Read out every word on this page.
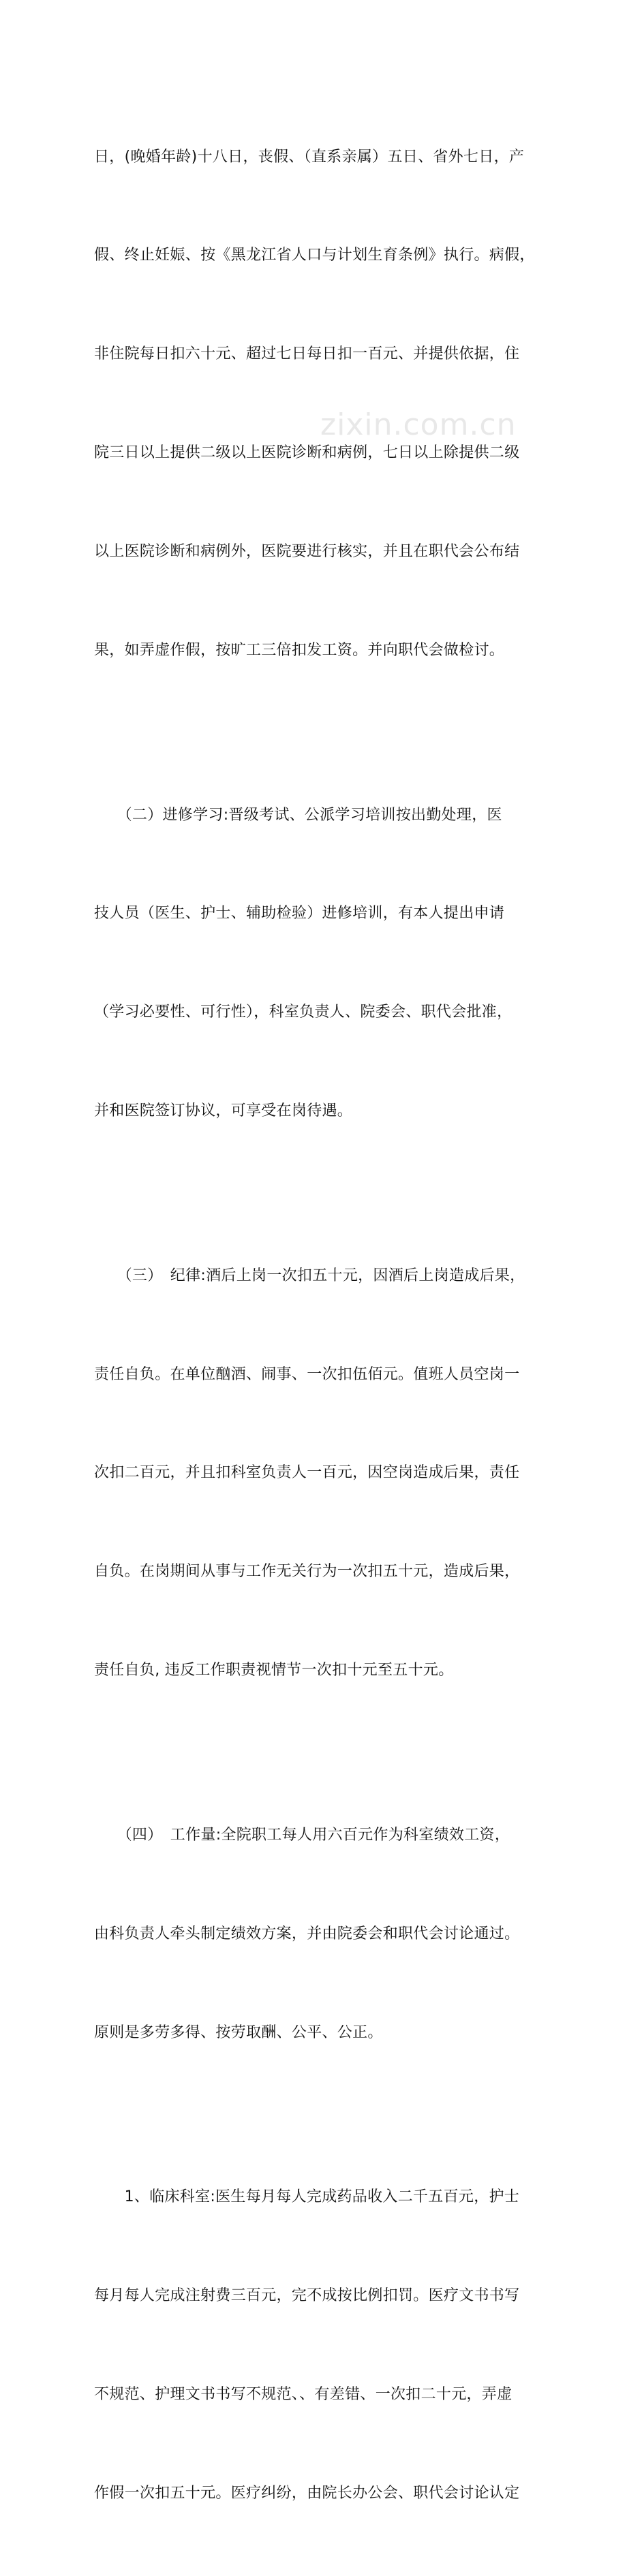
zixin.com.cn

日，(晚婚年龄)十八日，丧假、（直系亲属）五日、省外七日，产

假、终止妊娠、按《黑龙江省人口与计划生育条例》执行。病假，

非住院每日扣六十元、超过七日每日扣一百元、并提供依据，住

院三日以上提供二级以上医院诊断和病例，七日以上除提供二级

以上医院诊断和病例外，医院要进行核实，并且在职代会公布结

果，如弄虚作假，按旷工三倍扣发工资。并向职代会做检讨。

　　（二）进修学习:晋级考试、公派学习培训按出勤处理，医

技人员（医生、护士、辅助检验）进修培训，有本人提出申请

（学习必要性、可行性），科室负责人、院委会、职代会批准，

并和医院签订协议，可享受在岗待遇。

　　（三）　纪律:酒后上岗一次扣五十元，因酒后上岗造成后果，

责任自负。在单位酗酒、闹事、一次扣伍佰元。值班人员空岗一

次扣二百元，并且扣科室负责人一百元，因空岗造成后果，责任

自负。在岗期间从事与工作无关行为一次扣五十元，造成后果，

责任自负, 违反工作职责视情节一次扣十元至五十元。

　　（四）　工作量:全院职工每人用六百元作为科室绩效工资，

由科负责人牵头制定绩效方案，并由院委会和职代会讨论通过。

原则是多劳多得、按劳取酬、公平、公正。

　　1、临床科室:医生每月每人完成药品收入二千五百元，护士

每月每人完成注射费三百元，完不成按比例扣罚。医疗文书书写

不规范、护理文书书写不规范、、有差错、一次扣二十元，弄虚

作假一次扣五十元。医疗纠纷，由院长办公会、职代会讨论认定
